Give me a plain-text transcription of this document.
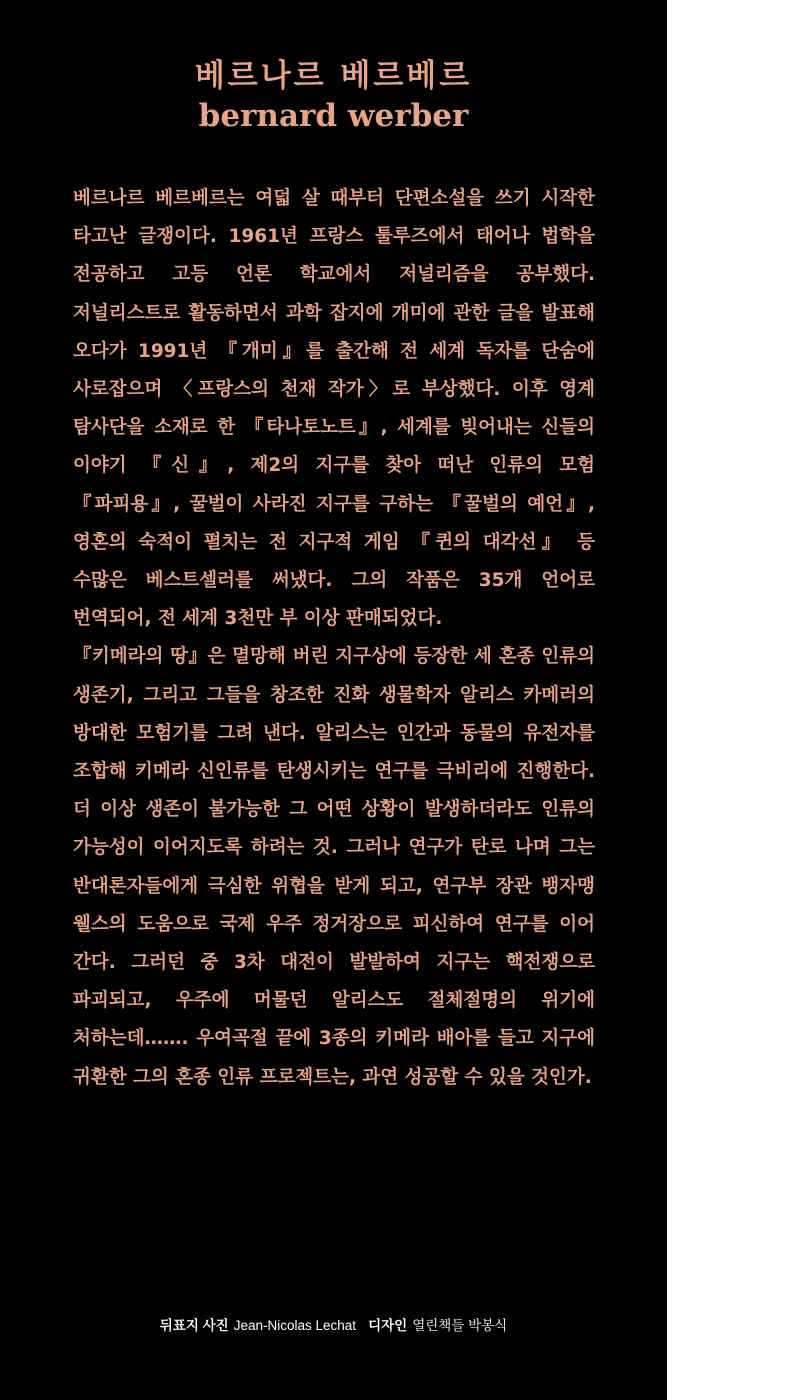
베르나르 베르베르
bernard werber

베르나르 베르베르는 여덟 살 때부터 단편소설을 쓰기 시작한 타고난 글쟁이다. 1961년 프랑스 툴루즈에서 태어나 법학을 전공하고 고등 언론 학교에서 저널리즘을 공부했다. 저널리스트로 활동하면서 과학 잡지에 개미에 관한 글을 발표해 오다가 1991년 『개미』를 출간해 전 세계 독자를 단숨에 사로잡으며 〈프랑스의 천재 작가〉로 부상했다. 이후 영계 탐사단을 소재로 한 『타나토노트』, 세계를 빚어내는 신들의 이야기 『신』, 제2의 지구를 찾아 떠난 인류의 모험 『파피용』, 꿀벌이 사라진 지구를 구하는 『꿀벌의 예언』, 영혼의 숙적이 펼치는 전 지구적 게임 『퀸의 대각선』 등 수많은 베스트셀러를 써냈다. 그의 작품은 35개 언어로 번역되어, 전 세계 3천만 부 이상 판매되었다.

『키메라의 땅』은 멸망해 버린 지구상에 등장한 세 혼종 인류의 생존기, 그리고 그들을 창조한 진화 생물학자 알리스 카메러의 방대한 모험기를 그려 낸다. 알리스는 인간과 동물의 유전자를 조합해 키메라 신인류를 탄생시키는 연구를 극비리에 진행한다. 더 이상 생존이 불가능한 그 어떤 상황이 발생하더라도 인류의 가능성이 이어지도록 하려는 것. 그러나 연구가 탄로 나며 그는 반대론자들에게 극심한 위협을 받게 되고, 연구부 장관 뱅자맹 웰스의 도움으로 국제 우주 정거장으로 피신하여 연구를 이어 간다. 그러던 중 3차 대전이 발발하여 지구는 핵전쟁으로 파괴되고, 우주에 머물던 알리스도 절체절명의 위기에 처하는데……. 우여곡절 끝에 3종의 키메라 배아를 들고 지구에 귀환한 그의 혼종 인류 프로젝트는, 과연 성공할 수 있을 것인가.

뒤표지 사진 Jean-Nicolas Lechat 디자인 열린책들 박봉식
